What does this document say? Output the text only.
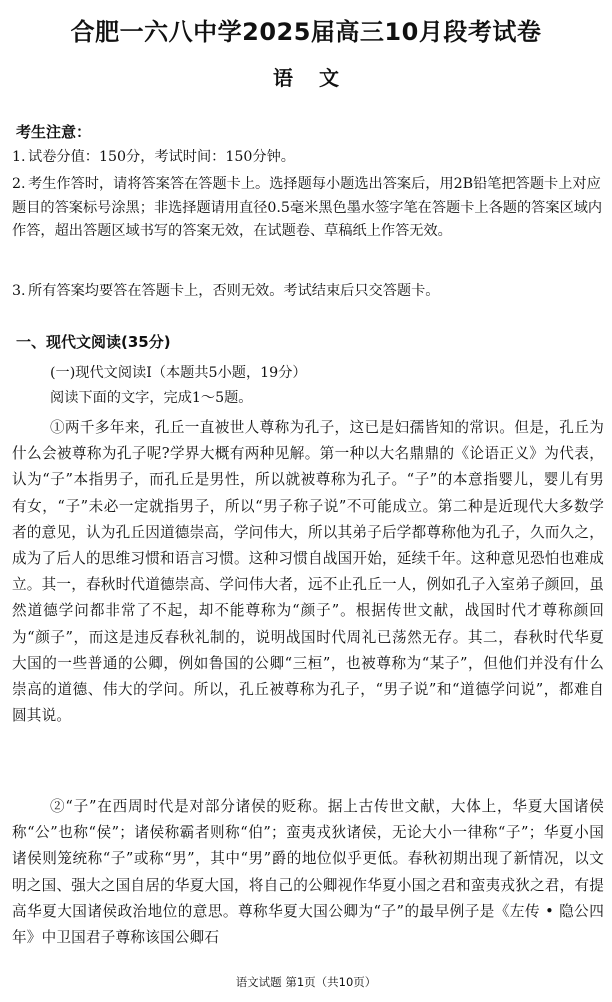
合肥一六八中学2025届高三10月段考试卷
语文
考生注意：
1. 试卷分值：150分，考试时间：150分钟。
2. 考生作答时，请将答案答在答题卡上。选择题每小题选出答案后，用2B铅笔把答题卡上对应题目的答案标号涂黑；非选择题请用直径0.5毫米黑色墨水签字笔在答题卡上各题的答案区域内作答，超出答题区域书写的答案无效，在试题卷、草稿纸上作答无效。
3. 所有答案均要答在答题卡上，否则无效。考试结束后只交答题卡。
一、现代文阅读(35分)
(一)现代文阅读I（本题共5小题，19分）
阅读下面的文字，完成1～5题。
①两千多年来，孔丘一直被世人尊称为孔子，这已是妇孺皆知的常识。但是，孔丘为什么会被尊称为孔子呢?学界大概有两种见解。第一种以大名鼎鼎的《论语正义》为代表，认为“子”本指男子，而孔丘是男性，所以就被尊称为孔子。“子”的本意指婴儿，婴儿有男有女，“子”未必一定就指男子，所以“男子称子说”不可能成立。第二种是近现代大多数学者的意见，认为孔丘因道德崇高，学问伟大，所以其弟子后学都尊称他为孔子，久而久之，成为了后人的思维习惯和语言习惯。这种习惯自战国开始，延续千年。这种意见恐怕也难成立。其一，春秋时代道德崇高、学问伟大者，远不止孔丘一人，例如孔子入室弟子颜回，虽然道德学问都非常了不起，却不能尊称为“颜子”。根据传世文献，战国时代才尊称颜回为“颜子”，而这是违反春秋礼制的，说明战国时代周礼已荡然无存。其二，春秋时代华夏大国的一些普通的公卿，例如鲁国的公卿“三桓”，也被尊称为“某子”，但他们并没有什么崇高的道德、伟大的学问。所以，孔丘被尊称为孔子，“男子说”和“道德学问说”，都难自圆其说。
②“子”在西周时代是对部分诸侯的贬称。据上古传世文献，大体上，华夏大国诸侯称“公”也称“侯”；诸侯称霸者则称“伯”；蛮夷戎狄诸侯，无论大小一律称“子”；华夏小国诸侯则笼统称“子”或称“男”，其中“男”爵的地位似乎更低。春秋初期出现了新情况，以文明之国、强大之国自居的华夏大国，将自己的公卿视作华夏小国之君和蛮夷戎狄之君，有提高华夏大国诸侯政治地位的意思。尊称华夏大国公卿为“子”的最早例子是《左传 • 隐公四年》中卫国君子尊称该国公卿石
语文试题 第1页（共10页）
